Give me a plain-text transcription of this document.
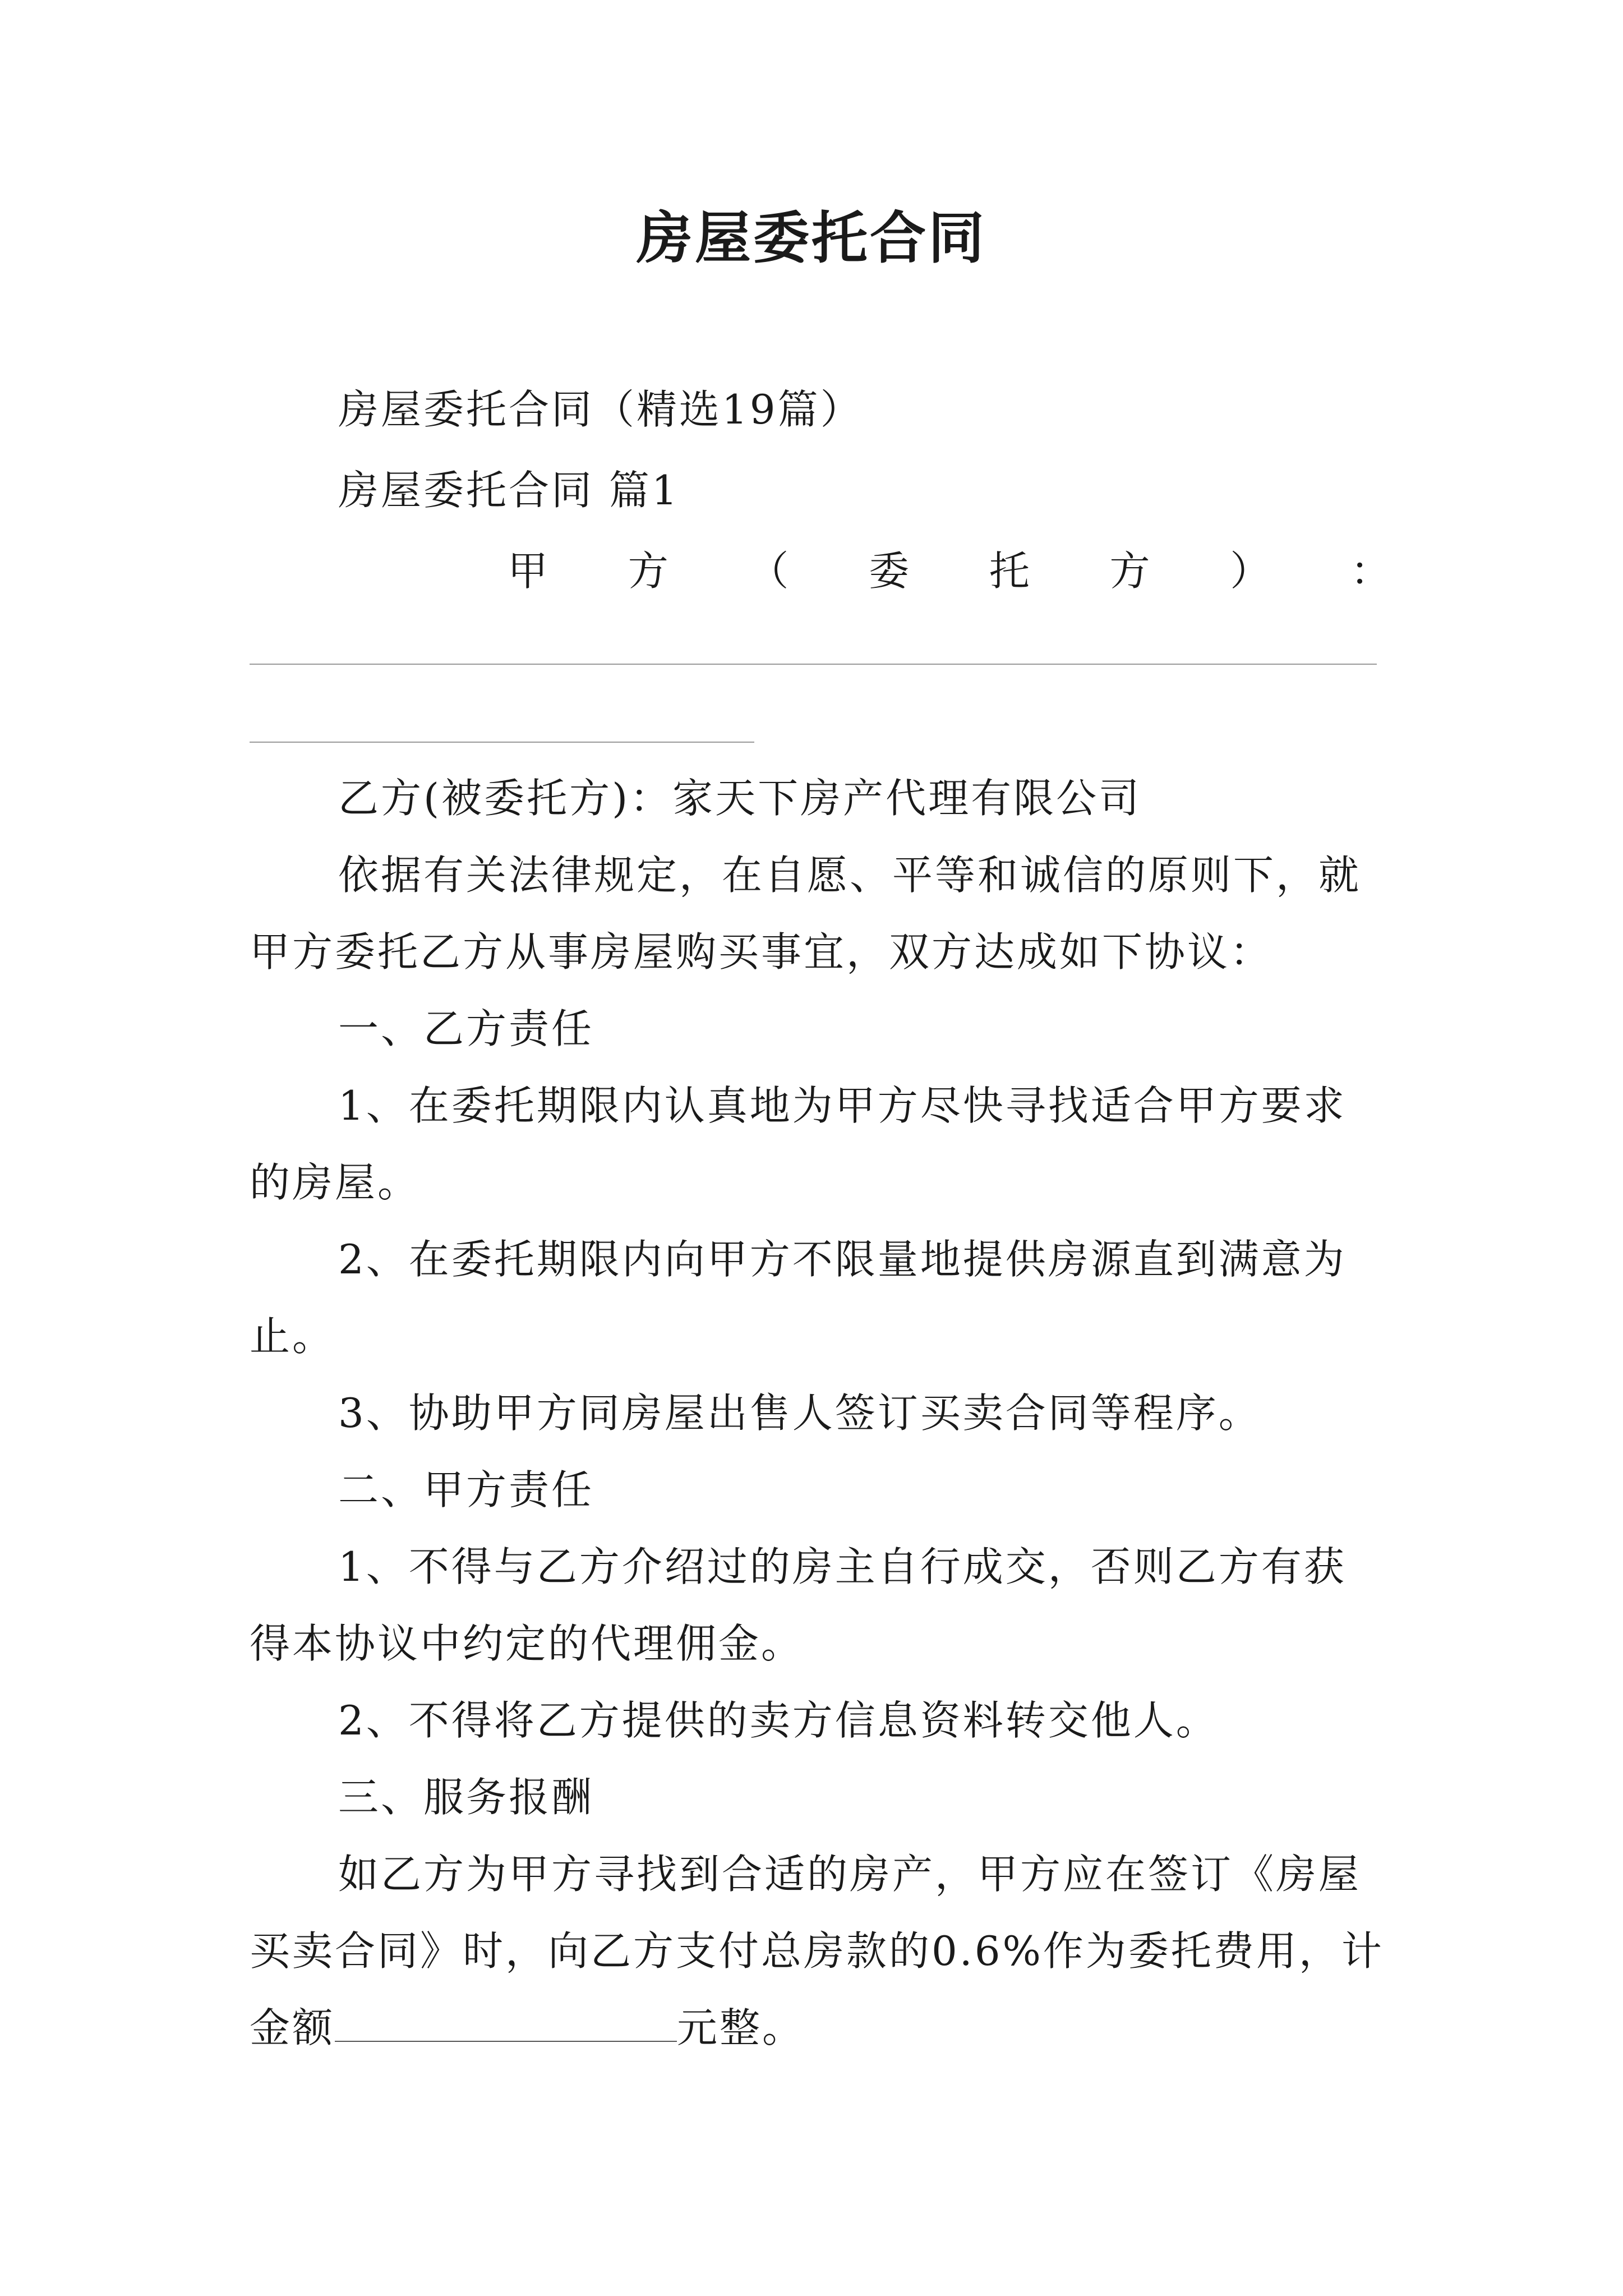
房屋委托合同

房屋委托合同（精选19篇）

房屋委托合同 篇1

甲 方 （ 委 托 方 ） ：

乙方(被委托方)：家天下房产代理有限公司

依据有关法律规定，在自愿、平等和诚信的原则下，就

甲方委托乙方从事房屋购买事宜，双方达成如下协议：

一、乙方责任

1、在委托期限内认真地为甲方尽快寻找适合甲方要求

的房屋。

2、在委托期限内向甲方不限量地提供房源直到满意为

止。

3、协助甲方同房屋出售人签订买卖合同等程序。

二、甲方责任

1、不得与乙方介绍过的房主自行成交，否则乙方有获

得本协议中约定的代理佣金。

2、不得将乙方提供的卖方信息资料转交他人。

三、服务报酬

如乙方为甲方寻找到合适的房产，甲方应在签订《房屋

买卖合同》时，向乙方支付总房款的0.6%作为委托费用，计

金额	元整。
